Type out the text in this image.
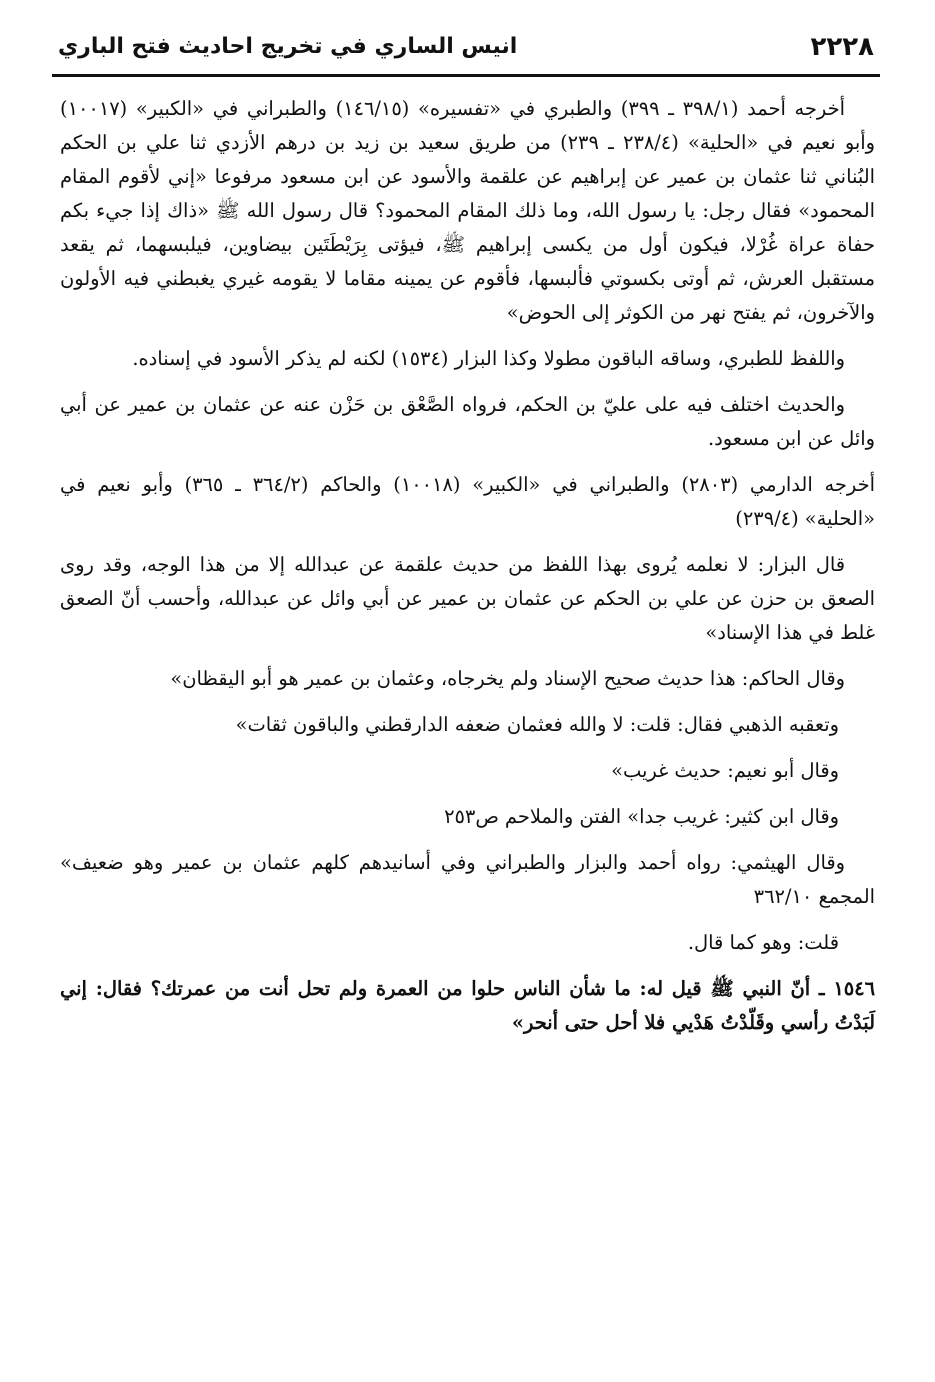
٢٢٢٨
انيس الساري في تخريج احاديث فتح الباري

أخرجه أحمد (٣٩٨/١ ـ ٣٩٩) والطبري في «تفسيره» (١٤٦/١٥) والطبراني في «الكبير» (١٠٠١٧) وأبو نعيم في «الحلية» (٢٣٨/٤ ـ ٢٣٩) من طريق سعيد بن زيد بن درهم الأزدي ثنا علي بن الحكم البُناني ثنا عثمان بن عمير عن إبراهيم عن علقمة والأسود عن ابن مسعود مرفوعا «إني لأقوم المقام المحمود» فقال رجل: يا رسول الله، وما ذلك المقام المحمود؟ قال رسول الله ﷺ «ذاك إذا جيء بكم حفاة عراة غُرْلا، فيكون أول من يكسى إبراهيم ﷺ، فيؤتى بِرَيْطَتَين بيضاوين، فيلبسهما، ثم يقعد مستقبل العرش، ثم أوتى بكسوتي فألبسها، فأقوم عن يمينه مقاما لا يقومه غيري يغبطني فيه الأولون والآخرون، ثم يفتح نهر من الكوثر إلى الحوض»

واللفظ للطبري، وساقه الباقون مطولا وكذا البزار (١٥٣٤) لكنه لم يذكر الأسود في إسناده.

والحديث اختلف فيه على عليّ بن الحكم، فرواه الصَّعْق بن حَزْن عنه عن عثمان بن عمير عن أبي وائل عن ابن مسعود.

أخرجه الدارمي (٢٨٠٣) والطبراني في «الكبير» (١٠٠١٨) والحاكم (٣٦٤/٢ ـ ٣٦٥) وأبو نعيم في «الحلية» (٢٣٩/٤)

قال البزار: لا نعلمه يُروى بهذا اللفظ من حديث علقمة عن عبدالله إلا من هذا الوجه، وقد روى الصعق بن حزن عن علي بن الحكم عن عثمان بن عمير عن أبي وائل عن عبدالله، وأحسب أنّ الصعق غلط في هذا الإسناد»

وقال الحاكم: هذا حديث صحيح الإسناد ولم يخرجاه، وعثمان بن عمير هو أبو اليقظان»

وتعقبه الذهبي فقال: قلت: لا والله فعثمان ضعفه الدارقطني والباقون ثقات»

وقال أبو نعيم: حديث غريب»

وقال ابن كثير: غريب جدا» الفتن والملاحم ص٢٥٣

وقال الهيثمي: رواه أحمد والبزار والطبراني وفي أسانيدهم كلهم عثمان بن عمير وهو ضعيف» المجمع ٣٦٢/١٠

قلت: وهو كما قال.

١٥٤٦ ـ أنّ النبي ﷺ قيل له: ما شأن الناس حلوا من العمرة ولم تحل أنت من عمرتك؟ فقال: إني لَبَدْتُ رأسي وقَلّدْتُ هَدْيي فلا أحل حتى أنحر»
